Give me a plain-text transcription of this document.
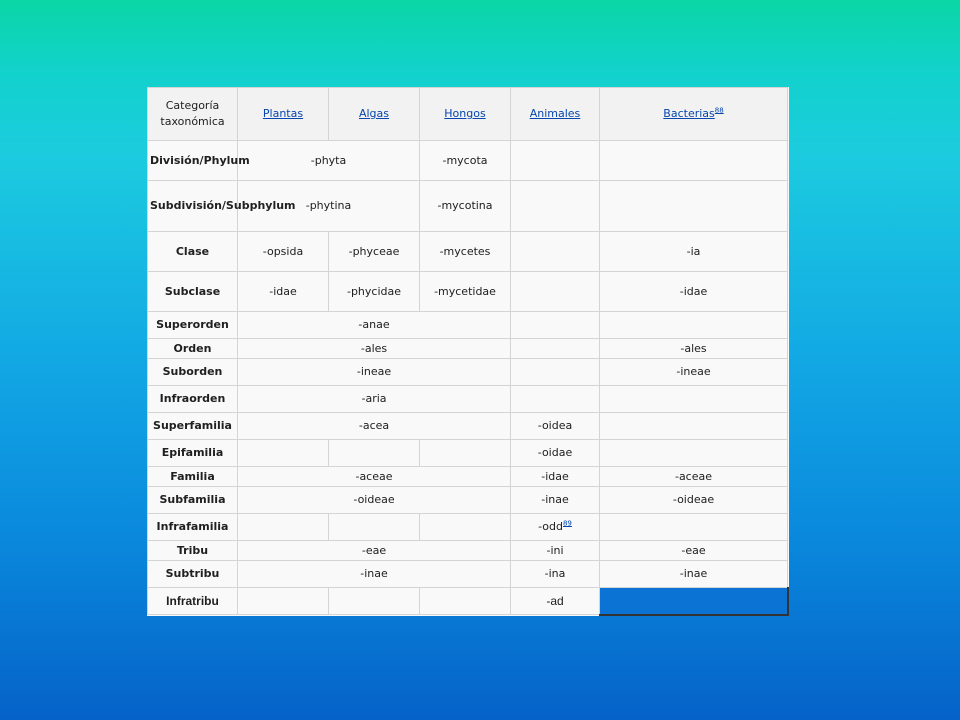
Categoría taxonómica	Plantas	Algas	Hongos	Animales	Bacterias$^{88}$
División/Phylum	-phyta		-mycota		
Subdivisión/Subphylum	-phytina		-mycotina		
Clase	-opsida	-phyceae	-mycetes		-ia
Subclase	-idae	-phycidae	-mycetidae		-idae
Superorden	-anae				
Orden	-ales				-ales
Suborden	-ineae				-ineae
Infraorden	-aria				
Superfamilia	-acea			-oidea	
Epifamilia				-oidae	
Familia	-aceae			-idae	-aceae
Subfamilia	-oideae			-inae	-oideae
Infrafamilia				-odd$^{89}$	
Tribu	-eae			-ini	-eae
Subtribu	-inae			-ina	-inae
Infratribu				-ad	
